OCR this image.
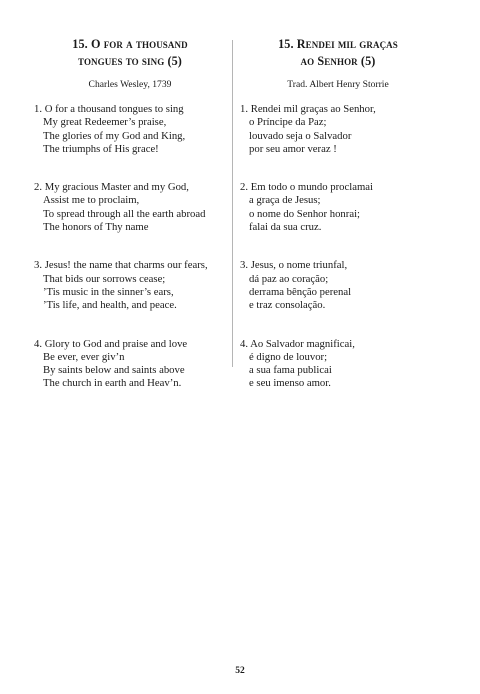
15. O for a thousand
tongues to sing (5)
Charles Wesley, 1739
1. O for a thousand tongues to sing
My great Redeemer’s praise,
The glories of my God and King,
The triumphs of His grace!
2. My gracious Master and my God,
Assist me to proclaim,
To spread through all the earth abroad
The honors of Thy name
3. Jesus! the name that charms our fears,
That bids our sorrows cease;
’Tis music in the sinner’s ears,
’Tis life, and health, and peace.
4. Glory to God and praise and love
Be ever, ever giv’n
By saints below and saints above
The church in earth and Heav’n.
15. Rendei mil graças
ao Senhor (5)
Trad. Albert Henry Storrie
1. Rendei mil graças ao Senhor,
o Príncipe da Paz;
louvado seja o Salvador
por seu amor veraz !
2. Em todo o mundo proclamai
a graça de Jesus;
o nome do Senhor honrai;
falai da sua cruz.
3. Jesus, o nome triunfal,
dá paz ao coração;
derrama bênção perenal
e traz consolação.
4. Ao Salvador magnificai,
é digno de louvor;
a sua fama publicai
e seu imenso amor.
52
